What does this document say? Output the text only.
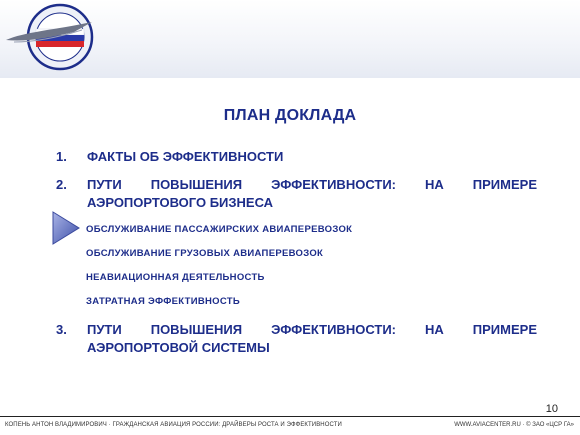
ПЛАН ДОКЛАДА
1.	ФАКТЫ ОБ ЭФФЕКТИВНОСТИ
2.	ПУТИ ПОВЫШЕНИЯ ЭФФЕКТИВНОСТИ: НА ПРИМЕРЕ
АЭРОПОРТОВОГО БИЗНЕСА
ОБСЛУЖИВАНИЕ ПАССАЖИРСКИХ АВИАПЕРЕВОЗОК
ОБСЛУЖИВАНИЕ ГРУЗОВЫХ АВИАПЕРЕВОЗОК
НЕАВИАЦИОННАЯ ДЕЯТЕЛЬНОСТЬ
ЗАТРАТНАЯ ЭФФЕКТИВНОСТЬ
3.	ПУТИ ПОВЫШЕНИЯ ЭФФЕКТИВНОСТИ: НА ПРИМЕРЕ
АЭРОПОРТОВОЙ СИСТЕМЫ
10
КОПЕНЬ АНТОН ВЛАДИМИРОВИЧ · ГРАЖДАНСКАЯ АВИАЦИЯ РОССИИ: ДРАЙВЕРЫ РОСТА И ЭФФЕКТИВНОСТИ	WWW.AVIACENTER.RU · © ЗАО «ЦСР ГА»
